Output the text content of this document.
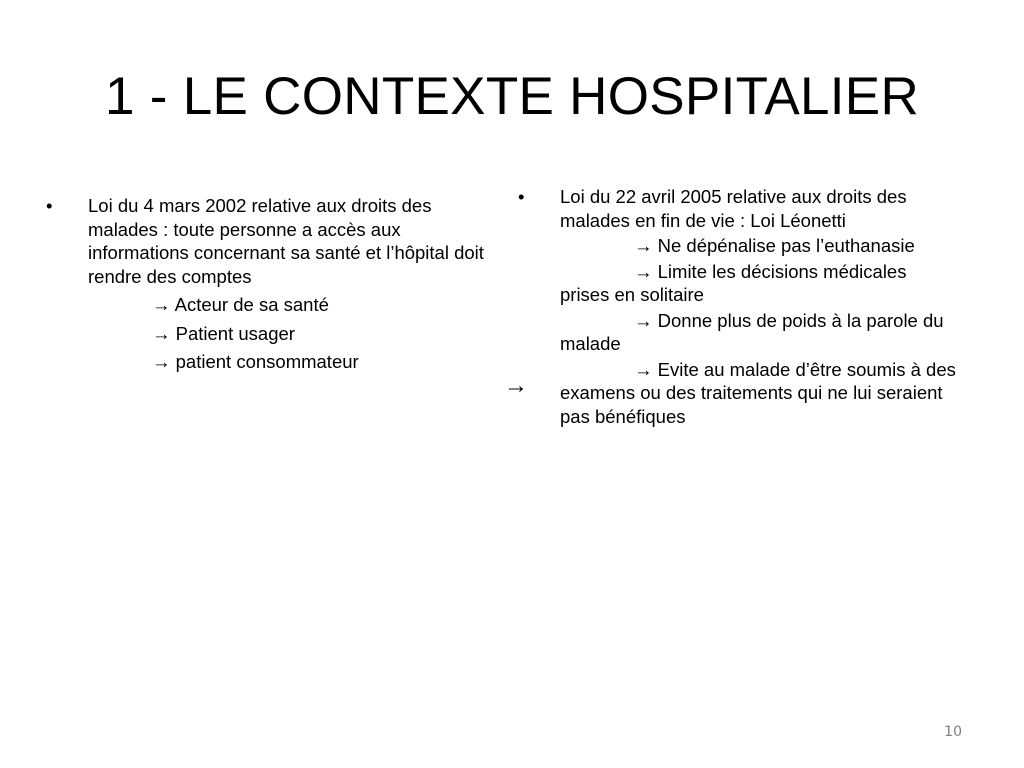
1 - LE CONTEXTE HOSPITALIER
• Loi du 4 mars 2002 relative aux droits des malades : toute personne a accès aux informations concernant sa santé et l’hôpital doit rendre des comptes
→ Acteur de sa santé
→ Patient usager
→ patient consommateur
• Loi du 22 avril 2005 relative aux droits des malades en fin de vie : Loi Léonetti
→ Ne dépénalise pas l’euthanasie
→ Limite les décisions médicales prises en solitaire
→ Donne plus de poids à la parole du malade
→ Evite au malade d’être soumis à des examens ou des traitements qui ne lui seraient pas bénéfiques
→
10
